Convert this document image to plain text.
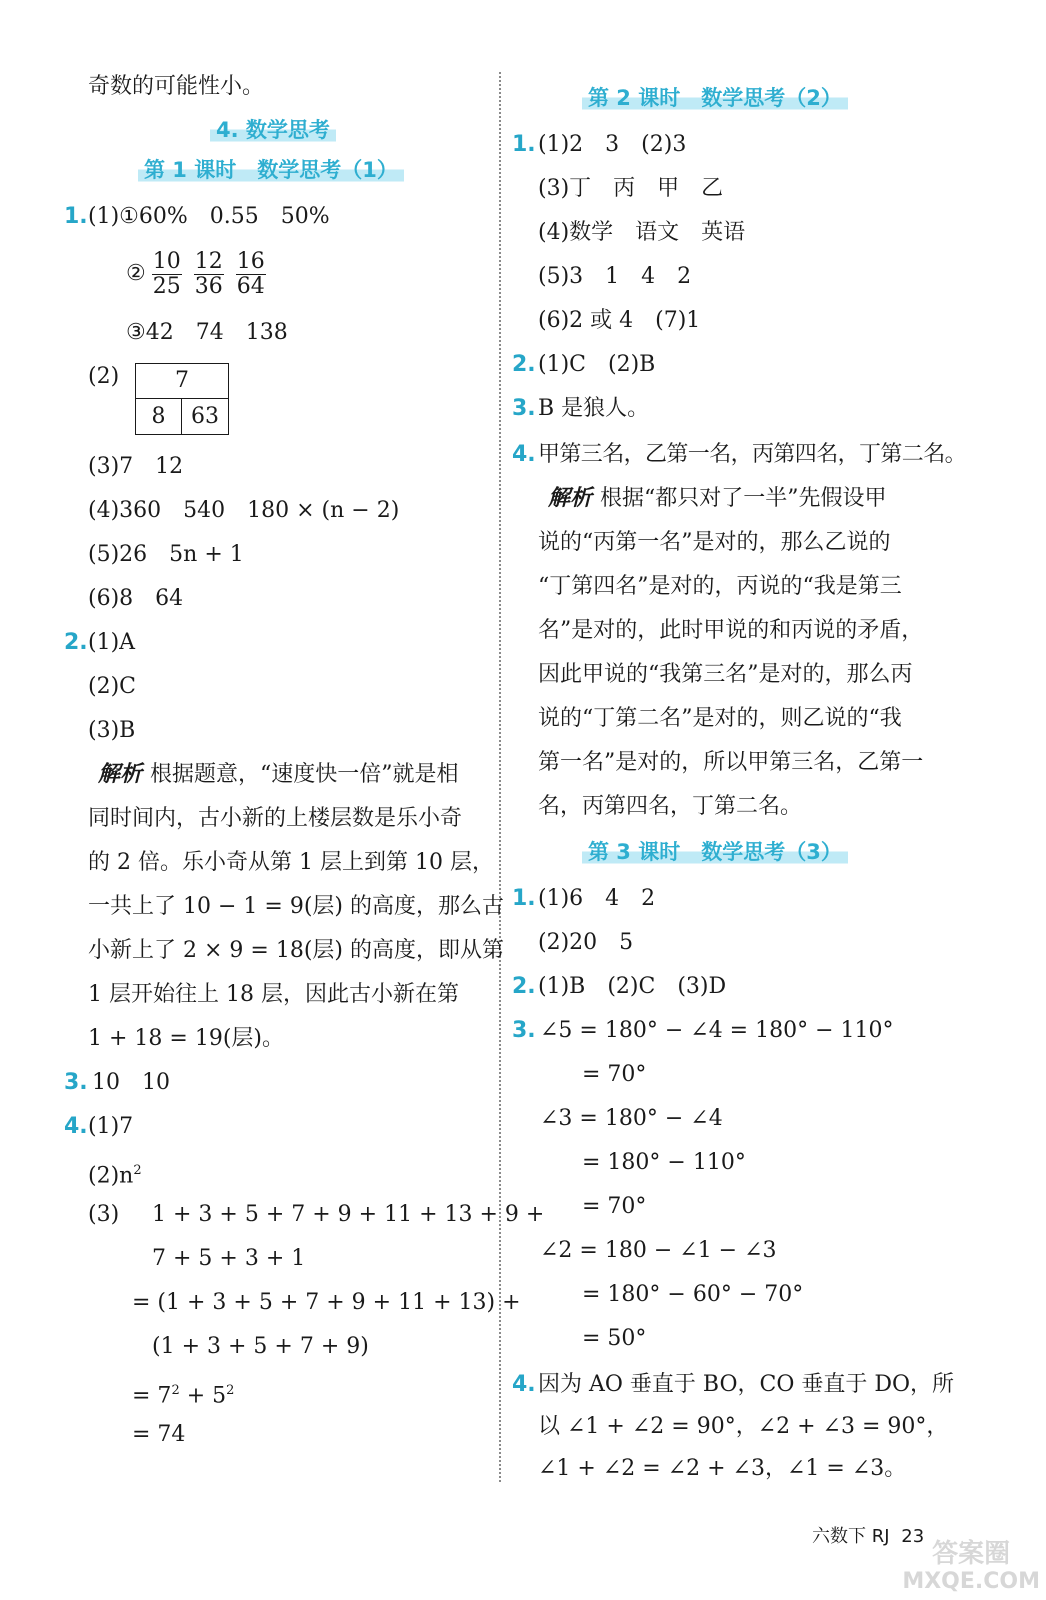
奇数的可能性小。
4. 数学思考
第 1 课时　数学思考（1）
1. (1)①60%　0.55　50%
② $\frac{10}{25} \frac{12}{36} \frac{16}{64}$
③42　74　138
(2)	7
8	63
(3)7　12
(4)360　540　180 × (n − 2)
(5)26　5n + 1
(6)8　64
2. (1)A
(2)C
(3)B
解析 根据题意，“速度快一倍”就是相
同时间内，古小新的上楼层数是乐小奇
的 2 倍。乐小奇从第 1 层上到第 10 层，
一共上了 10 − 1 = 9(层) 的高度，那么古
小新上了 2 × 9 = 18(层) 的高度，即从第
1 层开始往上 18 层，因此古小新在第
1 + 18 = 19(层)。
3. 10　10
4. (1)7
$(2)n^2$
(3) 1 + 3 + 5 + 7 + 9 + 11 + 13 + 9 +
7 + 5 + 3 + 1
= (1 + 3 + 5 + 7 + 9 + 11 + 13) +
(1 + 3 + 5 + 7 + 9)
= $7^2 + 5^2$
= 74
第 2 课时　数学思考（2）
1. (1)2　3　(2)3
(3)丁　丙　甲　乙
(4)数学　语文　英语
(5)3　1　4　2
(6)2 或 4　(7)1
2. (1)C　(2)B
3. B 是狼人。
4. 甲第三名，乙第一名，丙第四名，丁第二名。
解析 根据“都只对了一半”先假设甲
说的“丙第一名”是对的，那么乙说的
“丁第四名”是对的，丙说的“我是第三
名”是对的，此时甲说的和丙说的矛盾，
因此甲说的“我第三名”是对的，那么丙
说的“丁第二名”是对的，则乙说的“我
第一名”是对的，所以甲第三名，乙第一
名，丙第四名，丁第二名。
第 3 课时　数学思考（3）
1. (1)6　4　2
(2)20　5
2. (1)B　(2)C　(3)D
3. ∠5 = 180° − ∠4 = 180° − 110°
= 70°
∠3 = 180° − ∠4
= 180° − 110°
= 70°
∠2 = 180 − ∠1 − ∠3
= 180° − 60° − 70°
= 50°
4. 因为 AO 垂直于 BO，CO 垂直于 DO，所
以 ∠1 + ∠2 = 90°，∠2 + ∠3 = 90°，
∠1 + ∠2 = ∠2 + ∠3，∠1 = ∠3。
六数下 RJ 23
答案圈
MXQE.COM
